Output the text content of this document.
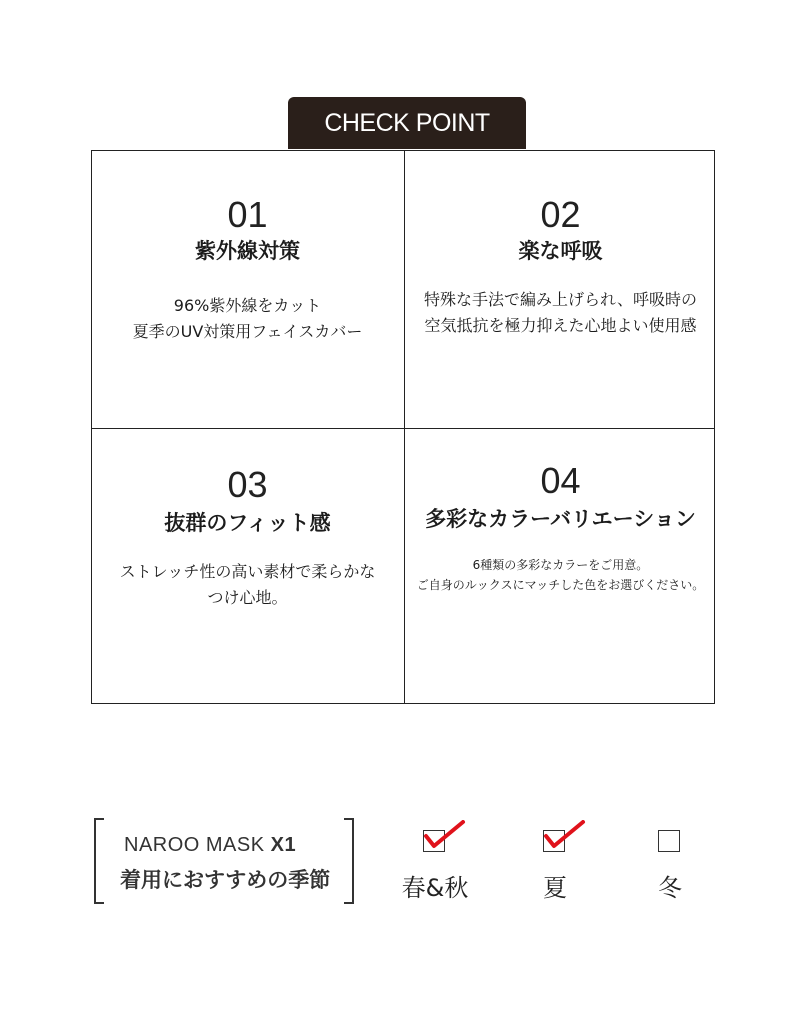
CHECK POINT
01
紫外線対策
96%紫外線をカット
夏季のUV対策用フェイスカバー
02
楽な呼吸
特殊な手法で編み上げられ、呼吸時の
空気抵抗を極力抑えた心地よい使用感
03
抜群のフィット感
ストレッチ性の高い素材で柔らかな
つけ心地。
04
多彩なカラーバリエーション
6種類の多彩なカラーをご用意。
ご自身のルックスにマッチした色をお選びください。
NAROO MASK X1
着用におすすめの季節	春&秋	夏	冬
